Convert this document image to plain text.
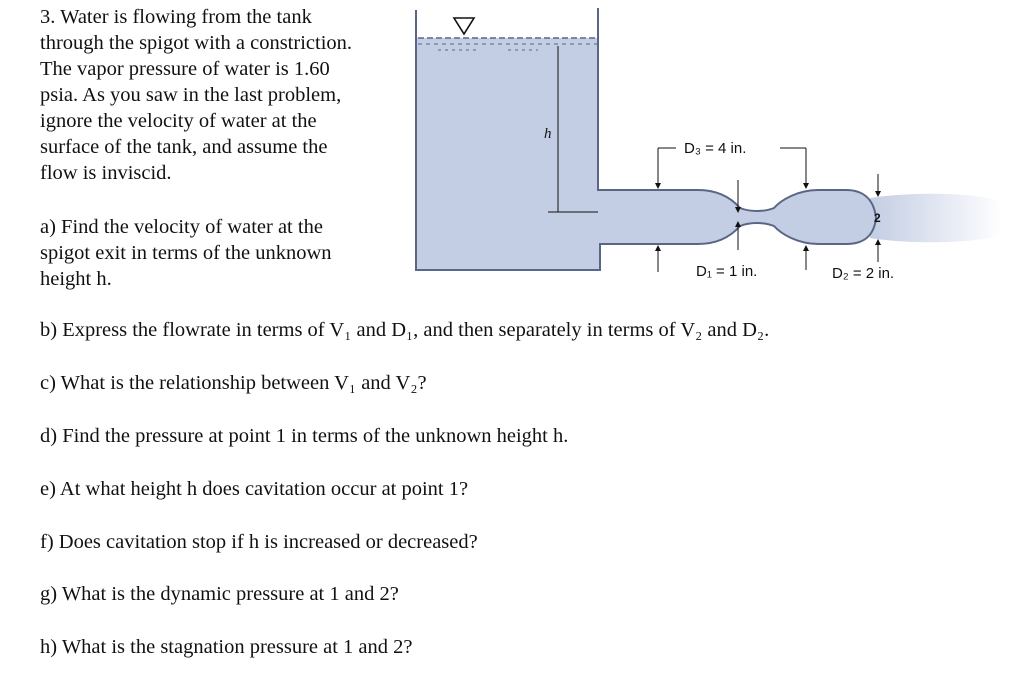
3. Water is flowing from the tank
through the spigot with a constriction.
The vapor pressure of water is 1.60
psia. As you saw in the last problem,
ignore the velocity of water at the
surface of the tank, and assume the
flow is inviscid.
a) Find the velocity of water at the
spigot exit in terms of the unknown
height h.
h
D₃ = 4 in.
D₁ = 1 in.	D₂ = 2 in.
2
b) Express the flowrate in terms of V₁ and D₁, and then separately in terms of V₂ and D₂.
c) What is the relationship between V₁ and V₂?
d) Find the pressure at point 1 in terms of the unknown height h.
e) At what height h does cavitation occur at point 1?
f) Does cavitation stop if h is increased or decreased?
g) What is the dynamic pressure at 1 and 2?
h) What is the stagnation pressure at 1 and 2?
